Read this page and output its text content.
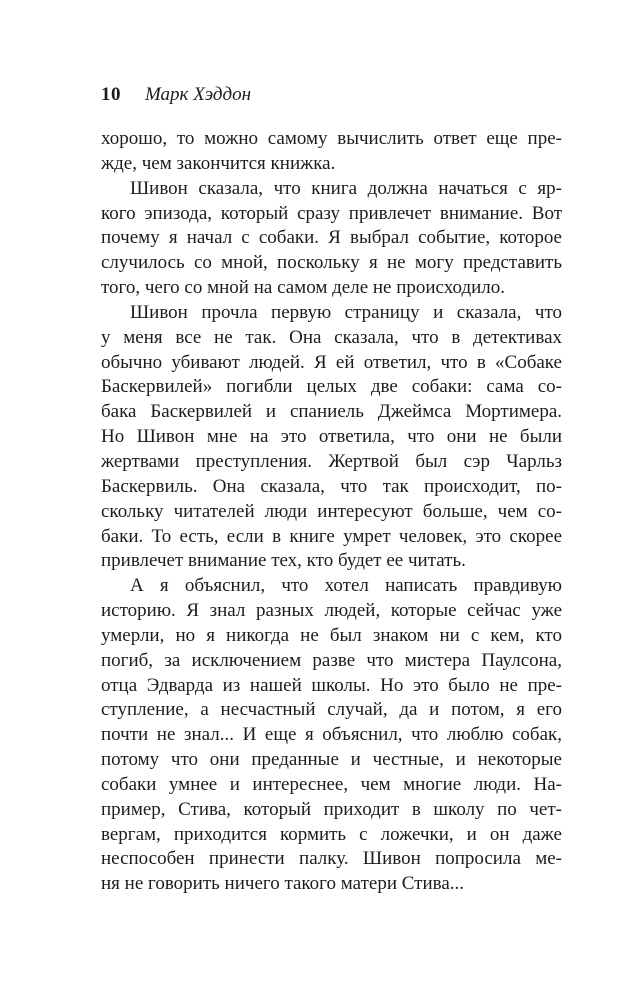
10 Марк Хэддон

хорошо, то можно самому вычислить ответ еще пре-
жде, чем закончится книжка.

Шивон сказала, что книга должна начаться с яр-
кого эпизода, который сразу привлечет внимание. Вот
почему я начал с собаки. Я выбрал событие, которое
случилось со мной, поскольку я не могу представить
того, чего со мной на самом деле не происходило.

Шивон прочла первую страницу и сказала, что
у меня все не так. Она сказала, что в детективах
обычно убивают людей. Я ей ответил, что в «Собаке
Баскервилей» погибли целых две собаки: сама со-
бака Баскервилей и спаниель Джеймса Мортимера.
Но Шивон мне на это ответила, что они не были
жертвами преступления. Жертвой был сэр Чарльз
Баскервиль. Она сказала, что так происходит, по-
скольку читателей люди интересуют больше, чем со-
баки. То есть, если в книге умрет человек, это скорее
привлечет внимание тех, кто будет ее читать.

А я объяснил, что хотел написать правдивую
историю. Я знал разных людей, которые сейчас уже
умерли, но я никогда не был знаком ни с кем, кто
погиб, за исключением разве что мистера Паулсона,
отца Эдварда из нашей школы. Но это было не пре-
ступление, а несчастный случай, да и потом, я его
почти не знал... И еще я объяснил, что люблю собак,
потому что они преданные и честные, и некоторые
собаки умнее и интереснее, чем многие люди. На-
пример, Стива, который приходит в школу по чет-
вергам, приходится кормить с ложечки, и он даже
неспособен принести палку. Шивон попросила ме-
ня не говорить ничего такого матери Стива...
